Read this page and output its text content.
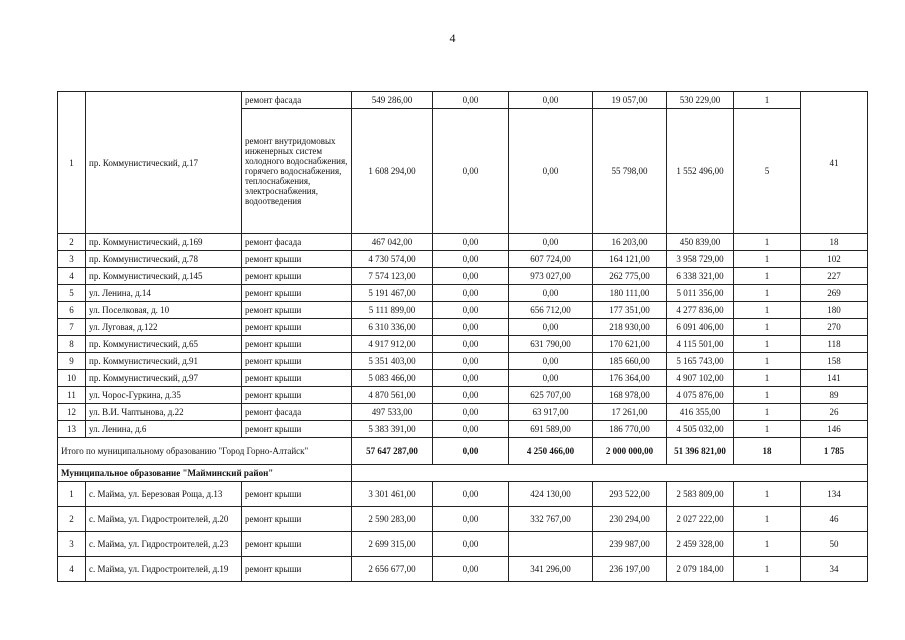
4
1	пр. Коммунистический, д.17	ремонт фасада	549 286,00	0,00	0,00	19 057,00	530 229,00	1	41
		ремонт внутридомовых инженерных систем холодного водоснабжения, горячего водоснабжения, теплоснабжения, электроснабжения, водоотведения	1 608 294,00	0,00	0,00	55 798,00	1 552 496,00	5	
2	пр. Коммунистический, д.169	ремонт фасада	467 042,00	0,00	0,00	16 203,00	450 839,00	1	18
3	пр. Коммунистический, д.78	ремонт крыши	4 730 574,00	0,00	607 724,00	164 121,00	3 958 729,00	1	102
4	пр. Коммунистический, д.145	ремонт крыши	7 574 123,00	0,00	973 027,00	262 775,00	6 338 321,00	1	227
5	ул. Ленина, д.14	ремонт крыши	5 191 467,00	0,00	0,00	180 111,00	5 011 356,00	1	269
6	ул. Поселковая, д. 10	ремонт крыши	5 111 899,00	0,00	656 712,00	177 351,00	4 277 836,00	1	180
7	ул. Луговая, д.122	ремонт крыши	6 310 336,00	0,00	0,00	218 930,00	6 091 406,00	1	270
8	пр. Коммунистический, д.65	ремонт крыши	4 917 912,00	0,00	631 790,00	170 621,00	4 115 501,00	1	118
9	пр. Коммунистический, д.91	ремонт крыши	5 351 403,00	0,00	0,00	185 660,00	5 165 743,00	1	158
10	пр. Коммунистический, д.97	ремонт крыши	5 083 466,00	0,00	0,00	176 364,00	4 907 102,00	1	141
11	ул. Чорос-Гуркина, д.35	ремонт крыши	4 870 561,00	0,00	625 707,00	168 978,00	4 075 876,00	1	89
12	ул. В.И. Чаптынова, д.22	ремонт фасада	497 533,00	0,00	63 917,00	17 261,00	416 355,00	1	26
13	ул. Ленина, д.6	ремонт крыши	5 383 391,00	0,00	691 589,00	186 770,00	4 505 032,00	1	146
Итого по муниципальному образованию "Город Горно-Алтайск"			57 647 287,00	0,00	4 250 466,00	2 000 000,00	51 396 821,00	18	1 785
Муниципальное образование "Майминский район"									
1	с. Майма, ул. Березовая Роща, д.13	ремонт крыши	3 301 461,00	0,00	424 130,00	293 522,00	2 583 809,00	1	134
2	с. Майма, ул. Гидростроителей, д.20	ремонт крыши	2 590 283,00	0,00	332 767,00	230 294,00	2 027 222,00	1	46
3	с. Майма, ул. Гидростроителей, д.23	ремонт крыши	2 699 315,00	0,00		239 987,00	2 459 328,00	1	50
4	с. Майма, ул. Гидростроителей, д.19	ремонт крыши	2 656 677,00	0,00	341 296,00	236 197,00	2 079 184,00	1	34
